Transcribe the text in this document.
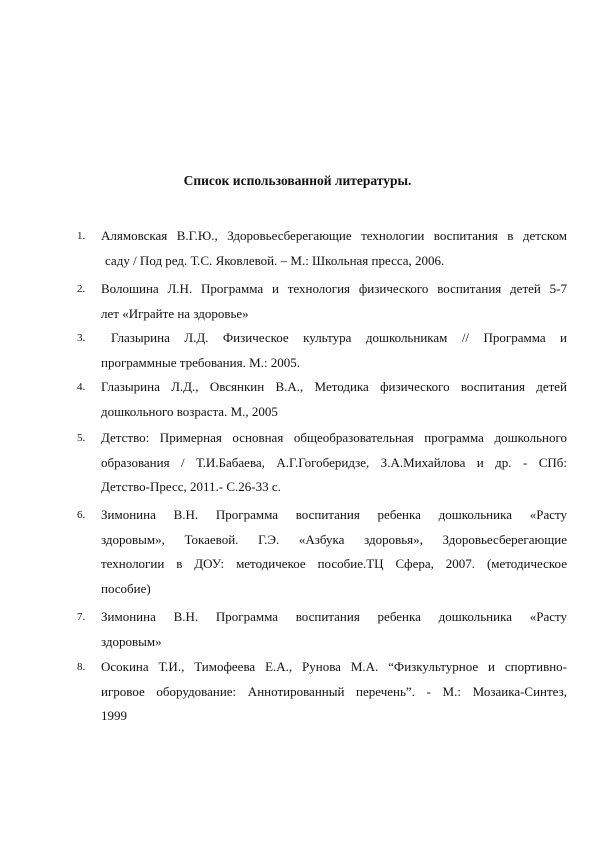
Список использованной литературы.
1. Алямовская В.Г.Ю., Здоровьесберегающие технологии воспитания в детском
саду / Под ред. Т.С. Яковлевой. – М.: Школьная пресса, 2006.
2. Волошина Л.Н. Программа и технология физического воспитания детей 5-7
лет «Играйте на здоровье»
3.	Глазырина Л.Д. Физическое культура дошкольникам // Программа и
программные требования. М.: 2005.
4. Глазырина Л.Д., Овсянкин В.А., Методика физического воспитания детей
дошкольного возраста. М., 2005
5. Детство: Примерная основная общеобразовательная программа дошкольного
образования / Т.И.Бабаева, А.Г.Гогоберидзе, З.А.Михайлова и др. - СПб:
Детство-Пресс, 2011.- С.26-33 с.
6. Зимонина В.Н. Программа воспитания ребенка дошкольника «Расту
здоровым», Токаевой. Г.Э. «Азбука здоровья», Здоровьесберегающие
технологии в ДОУ: методичекое пособие.ТЦ Сфера, 2007. (методическое
пособие)
7. Зимонина В.Н. Программа воспитания ребенка дошкольника «Расту
здоровым»
8. Осокина Т.И., Тимофеева Е.А., Рунова М.А. “Физкультурное и спортивно-
игровое оборудование: Аннотированный перечень”. - М.: Мозаика-Синтез,
1999
